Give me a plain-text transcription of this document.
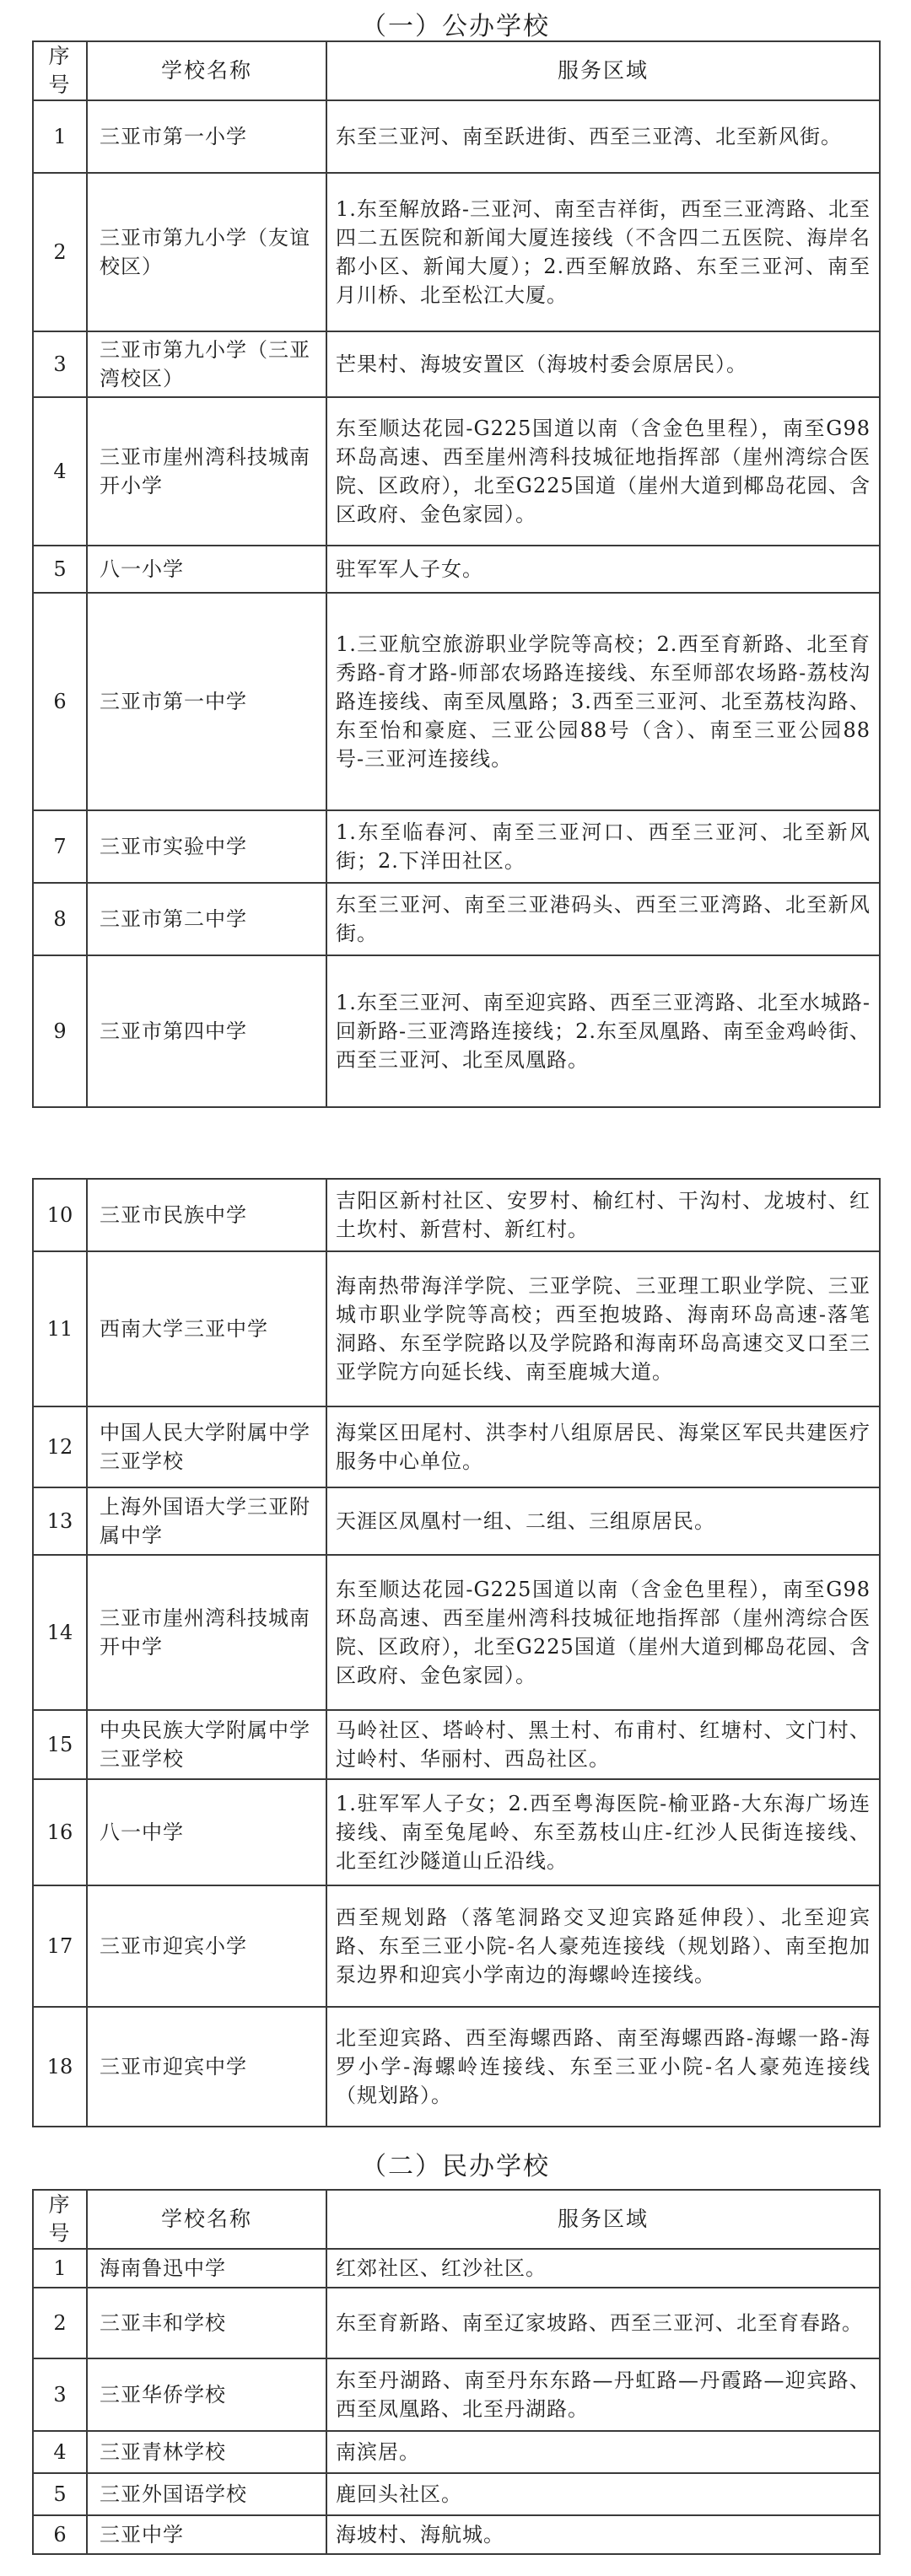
（一）公办学校
序号	学校名称	服务区域
1	三亚市第一小学	东至三亚河、南至跃进街、西至三亚湾、北至新风街。
2	三亚市第九小学（友谊校区）	1.东至解放路-三亚河、南至吉祥街，西至三亚湾路、北至四二五医院和新闻大厦连接线（不含四二五医院、海岸名都小区、新闻大厦）；2.西至解放路、东至三亚河、南至月川桥、北至松江大厦。
3	三亚市第九小学（三亚湾校区）	芒果村、海坡安置区（海坡村委会原居民）。
4	三亚市崖州湾科技城南开小学	东至顺达花园-G225国道以南（含金色里程），南至G98环岛高速、西至崖州湾科技城征地指挥部（崖州湾综合医院、区政府），北至G225国道（崖州大道到椰岛花园、含区政府、金色家园）。
5	八一小学	驻军军人子女。
6	三亚市第一中学	1.三亚航空旅游职业学院等高校；2.西至育新路、北至育秀路-育才路-师部农场路连接线、东至师部农场路-荔枝沟路连接线、南至凤凰路；3.西至三亚河、北至荔枝沟路、东至怡和豪庭、三亚公园88号（含）、南至三亚公园88号-三亚河连接线。
7	三亚市实验中学	1.东至临春河、南至三亚河口、西至三亚河、北至新风街；2.下洋田社区。
8	三亚市第二中学	东至三亚河、南至三亚港码头、西至三亚湾路、北至新风街。
9	三亚市第四中学	1.东至三亚河、南至迎宾路、西至三亚湾路、北至水城路-回新路-三亚湾路连接线；2.东至凤凰路、南至金鸡岭街、西至三亚河、北至凤凰路。
10	三亚市民族中学	吉阳区新村社区、安罗村、榆红村、干沟村、龙坡村、红土坎村、新营村、新红村。
11	西南大学三亚中学	海南热带海洋学院、三亚学院、三亚理工职业学院、三亚城市职业学院等高校；西至抱坡路、海南环岛高速-落笔洞路、东至学院路以及学院路和海南环岛高速交叉口至三亚学院方向延长线、南至鹿城大道。
12	中国人民大学附属中学三亚学校	海棠区田尾村、洪李村八组原居民、海棠区军民共建医疗服务中心单位。
13	上海外国语大学三亚附属中学	天涯区凤凰村一组、二组、三组原居民。
14	三亚市崖州湾科技城南开中学	东至顺达花园-G225国道以南（含金色里程），南至G98环岛高速、西至崖州湾科技城征地指挥部（崖州湾综合医院、区政府），北至G225国道（崖州大道到椰岛花园、含区政府、金色家园）。
15	中央民族大学附属中学三亚学校	马岭社区、塔岭村、黑土村、布甫村、红塘村、文门村、过岭村、华丽村、西岛社区。
16	八一中学	1.驻军军人子女；2.西至粤海医院-榆亚路-大东海广场连接线、南至兔尾岭、东至荔枝山庄-红沙人民街连接线、北至红沙隧道山丘沿线。
17	三亚市迎宾小学	西至规划路（落笔洞路交叉迎宾路延伸段）、北至迎宾路、东至三亚小院-名人豪苑连接线（规划路）、南至抱加泵边界和迎宾小学南边的海螺岭连接线。
18	三亚市迎宾中学	北至迎宾路、西至海螺西路、南至海螺西路-海螺一路-海罗小学-海螺岭连接线、东至三亚小院-名人豪苑连接线（规划路）。
（二）民办学校
序号	学校名称	服务区域
1	海南鲁迅中学	红郊社区、红沙社区。
2	三亚丰和学校	东至育新路、南至辽家坡路、西至三亚河、北至育春路。
3	三亚华侨学校	东至丹湖路、南至丹东东路—丹虹路—丹霞路—迎宾路、西至凤凰路、北至丹湖路。
4	三亚青林学校	南滨居。
5	三亚外国语学校	鹿回头社区。
6	三亚中学	海坡村、海航城。
